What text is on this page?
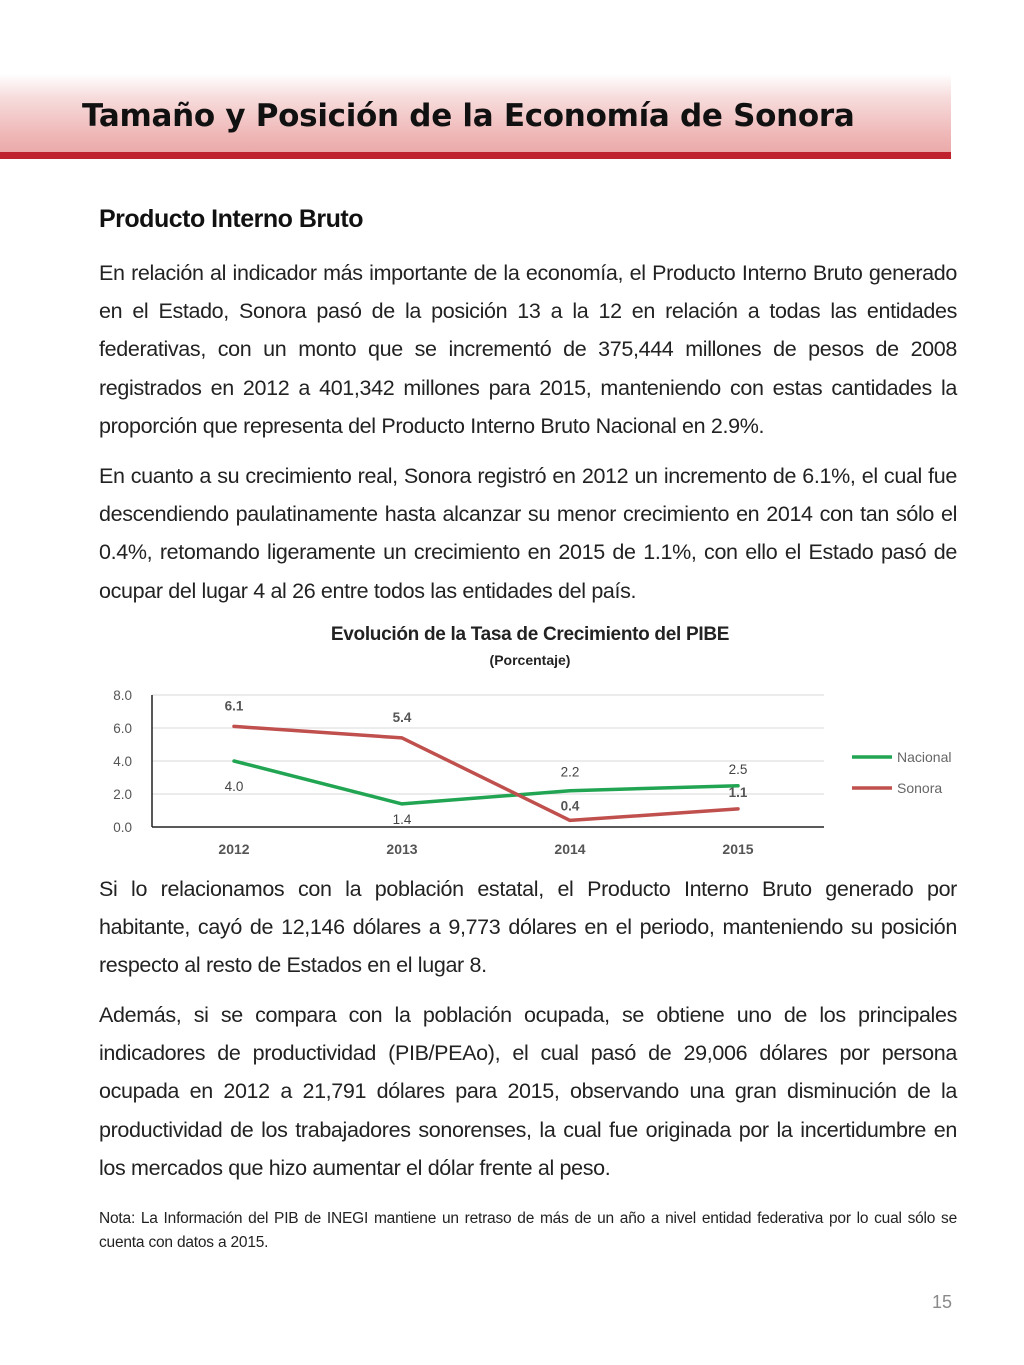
Tamaño y Posición de la Economía de Sonora
Producto Interno Bruto

En relación al indicador más importante de la economía, el Producto Interno Bruto generado en el Estado, Sonora pasó de la posición 13 a la 12 en relación a todas las entidades federativas, con un monto que se incrementó de 375,444 millones de pesos de 2008 registrados en 2012 a 401,342 millones para 2015, manteniendo con estas cantidades la proporción que representa del Producto Interno Bruto Nacional en 2.9%.

En cuanto a su crecimiento real, Sonora registró en 2012 un incremento de 6.1%, el cual fue descendiendo paulatinamente hasta alcanzar su menor crecimiento en 2014 con tan sólo el 0.4%, retomando ligeramente un crecimiento en 2015 de 1.1%, con ello el Estado pasó de ocupar del lugar 4 al 26 entre todos las entidades del país.

Evolución de la Tasa de Crecimiento del PIBE
(Porcentaje)
0.0
2.0
4.0
6.0
8.0
2012	2013	2014	2015
4.0
1.4
2.2	2.5
6.1
5.4
0.4
1.1
Nacional
Sonora

Si lo relacionamos con la población estatal, el Producto Interno Bruto generado por habitante, cayó de 12,146 dólares a 9,773 dólares en el periodo, manteniendo su posición respecto al resto de Estados en el lugar 8.

Además, si se compara con la población ocupada, se obtiene uno de los principales indicadores de productividad (PIB/PEAo), el cual pasó de 29,006 dólares por persona ocupada en 2012 a 21,791 dólares para 2015, observando una gran disminución de la productividad de los trabajadores sonorenses, la cual fue originada por la incertidumbre en los mercados que hizo aumentar el dólar frente al peso.

Nota: La Información del PIB de INEGI mantiene un retraso de más de un año a nivel entidad federativa por lo cual sólo se cuenta con datos a 2015.

15
